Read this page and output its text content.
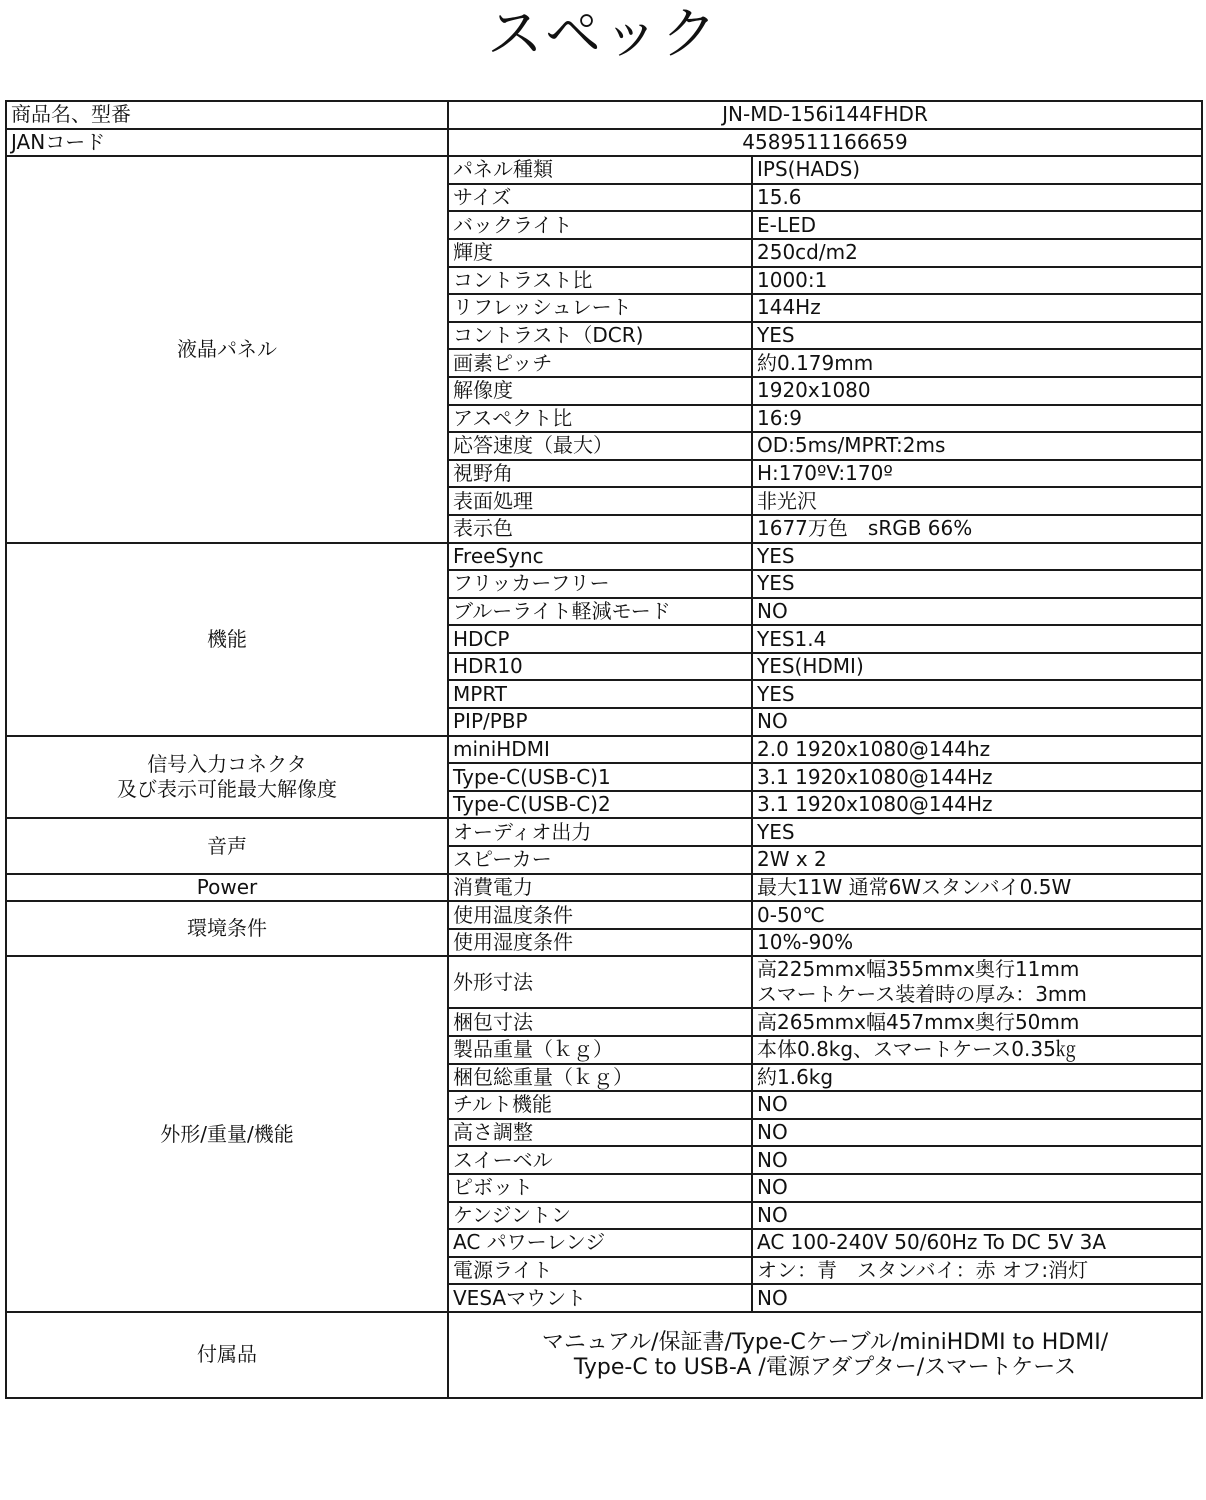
スペック
商品名、型番	JN-MD-156i144FHDR	
JANコード	4589511166659	
液晶パネル	パネル種類	IPS(HADS)
	サイズ	15.6
	バックライト	E-LED
	輝度	250cd/m2
	コントラスト比	1000:1
	リフレッシュレート	144Hz
	コントラスト（DCR)	YES
	画素ピッチ	約0.179mm
	解像度	1920x1080
	アスペクト比	16:9
	応答速度（最大）	OD:5ms/MPRT:2ms
	視野角	H:170ºV:170º
	表面処理	非光沢
	表示色	1677万色　sRGB 66%
機能	FreeSync	YES
	フリッカーフリー	YES
	ブルーライト軽減モード	NO
	HDCP	YES1.4
	HDR10	YES(HDMI)
	MPRT	YES
	PIP/PBP	NO
信号入力コネクタ
及び表示可能最大解像度	miniHDMI	2.0 1920x1080@144hz
	Type-C(USB-C)1	3.1 1920x1080@144Hz
	Type-C(USB-C)2	3.1 1920x1080@144Hz
音声	オーディオ出力	YES
	スピーカー	2W x 2
Power	消費電力	最大11W 通常6Wスタンバイ0.5W
環境条件	使用温度条件	0-50℃
	使用湿度条件	10%-90%
外形/重量/機能	外形寸法	高225mmx幅355mmx奥行11mm
スマートケース装着時の厚み：3mm
	梱包寸法	高265mmx幅457mmx奥行50mm
	製品重量（ｋｇ）	本体0.8kg、スマートケース0.35㎏
	梱包総重量（ｋｇ）	約1.6kg
	チルト機能	NO
	高さ調整	NO
	スイーベル	NO
	ピボット	NO
	ケンジントン	NO
	AC パワーレンジ	AC 100-240V 50/60Hz To DC 5V 3A
	電源ライト	オン：青　スタンバイ：赤 オフ:消灯
	VESAマウント	NO
付属品	マニュアル/保証書/Type-Cケーブル/miniHDMI to HDMI/
Type-C to USB-A /電源アダプター/スマートケース	
